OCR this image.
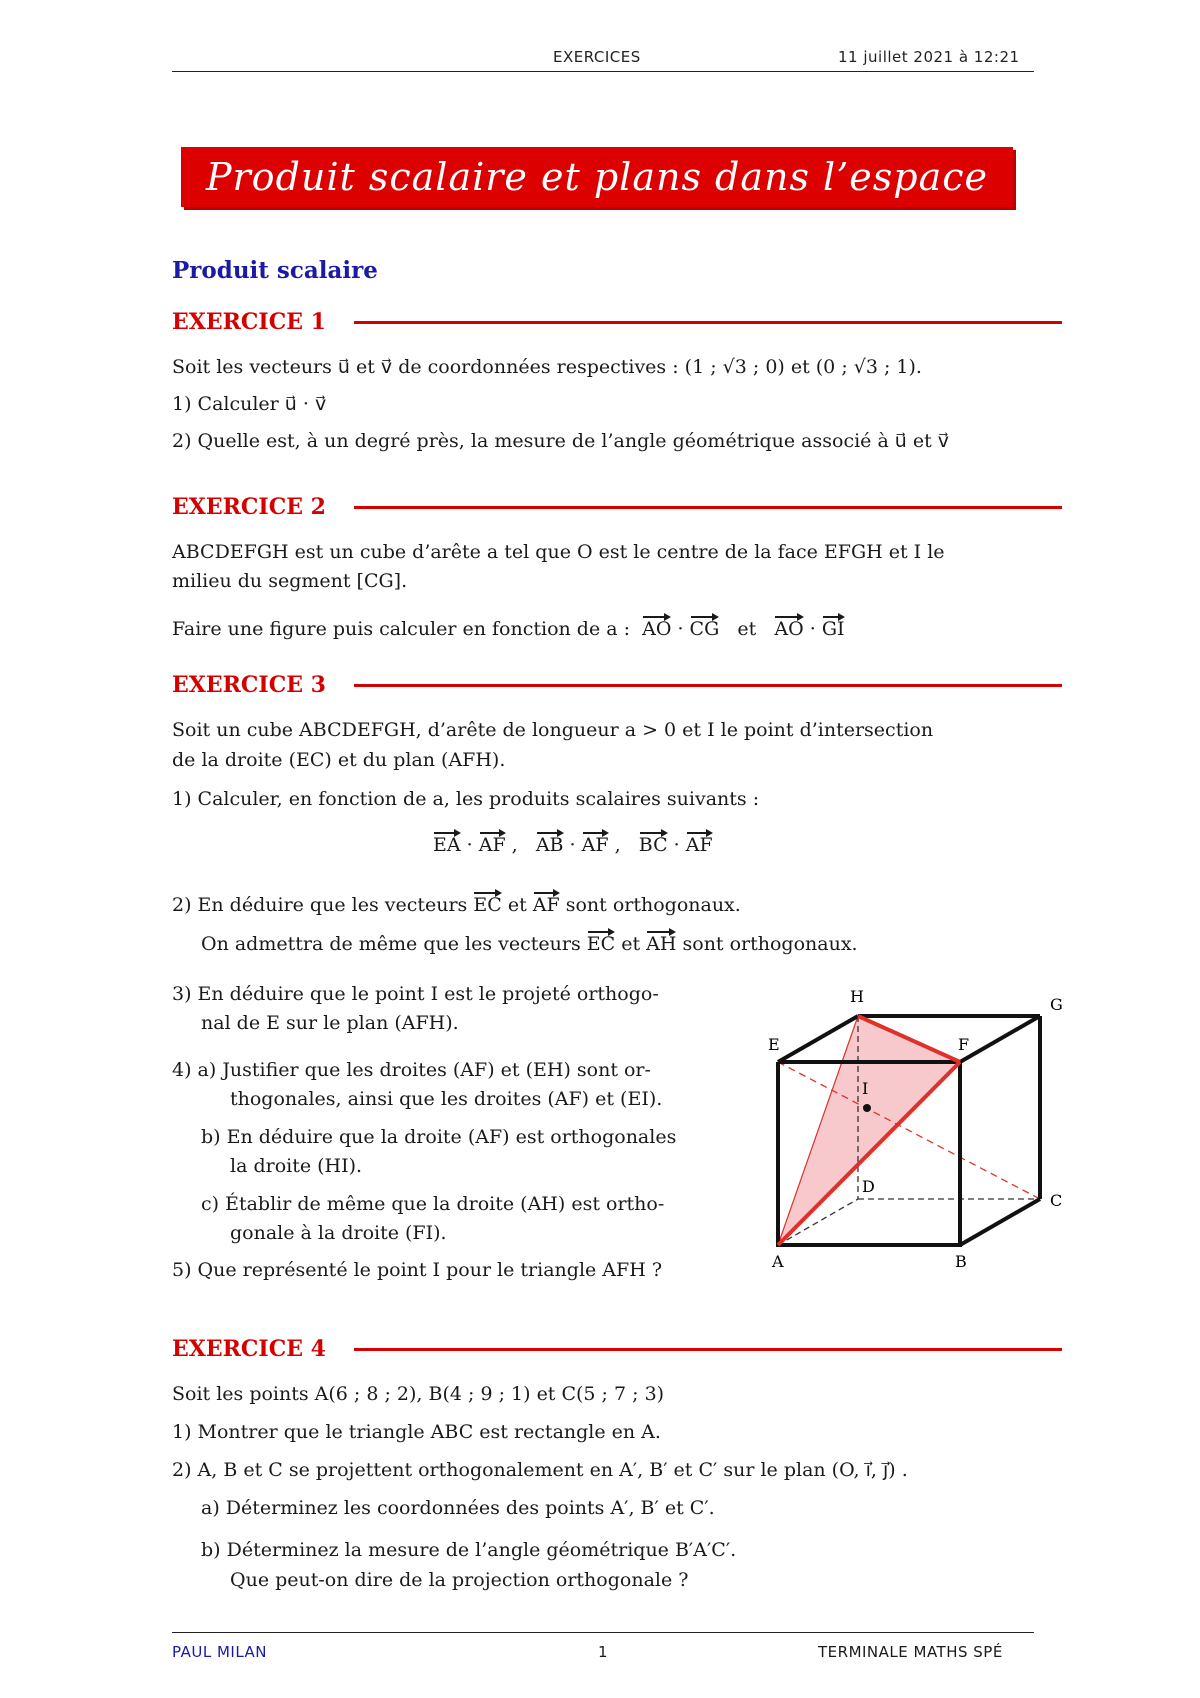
EXERCICES	11 juillet 2021 à 12:21
Produit scalaire et plans dans l’espace
Produit scalaire
EXERCICE 1
Soit les vecteurs u⃗ et v⃗ de coordonnées respectives : (1 ; √3 ; 0) et (0 ; √3 ; 1).
1) Calculer u⃗ · v⃗
2) Quelle est, à un degré près, la mesure de l’angle géométrique associé à u⃗ et v⃗
EXERCICE 2
ABCDEFGH est un cube d’arête a tel que O est le centre de la face EFGH et I le
milieu du segment [CG].
Faire une figure puis calculer en fonction de a : AO · CG et AO · GI
EXERCICE 3
Soit un cube ABCDEFGH, d’arête de longueur a > 0 et I le point d’intersection
de la droite (EC) et du plan (AFH).
1) Calculer, en fonction de a, les produits scalaires suivants :
EA · AF ,   AB · AF ,   BC · AF
2) En déduire que les vecteurs EC et AF sont orthogonaux.
On admettra de même que les vecteurs EC et AH sont orthogonaux.
3) En déduire que le point I est le projeté orthogo-
nal de E sur le plan (AFH).
4) a) Justifier que les droites (AF) et (EH) sont or-
thogonales, ainsi que les droites (AF) et (EI).
b) En déduire que la droite (AF) est orthogonales
la droite (HI).
c) Établir de même que la droite (AH) est ortho-
gonale à la droite (FI).
5) Que représenté le point I pour le triangle AFH ?
H	G
E	F
I
D
C
A	B
EXERCICE 4
Soit les points A(6 ; 8 ; 2), B(4 ; 9 ; 1) et C(5 ; 7 ; 3)
1) Montrer que le triangle ABC est rectangle en A.
2) A, B et C se projettent orthogonalement en A′, B′ et C′ sur le plan (O, ı⃗, ȷ⃗) .
a) Déterminez les coordonnées des points A′, B′ et C′.
b) Déterminez la mesure de l’angle géométrique B′A′C′.
Que peut-on dire de la projection orthogonale ?
PAUL MILAN	1	TERMINALE MATHS SPÉ
